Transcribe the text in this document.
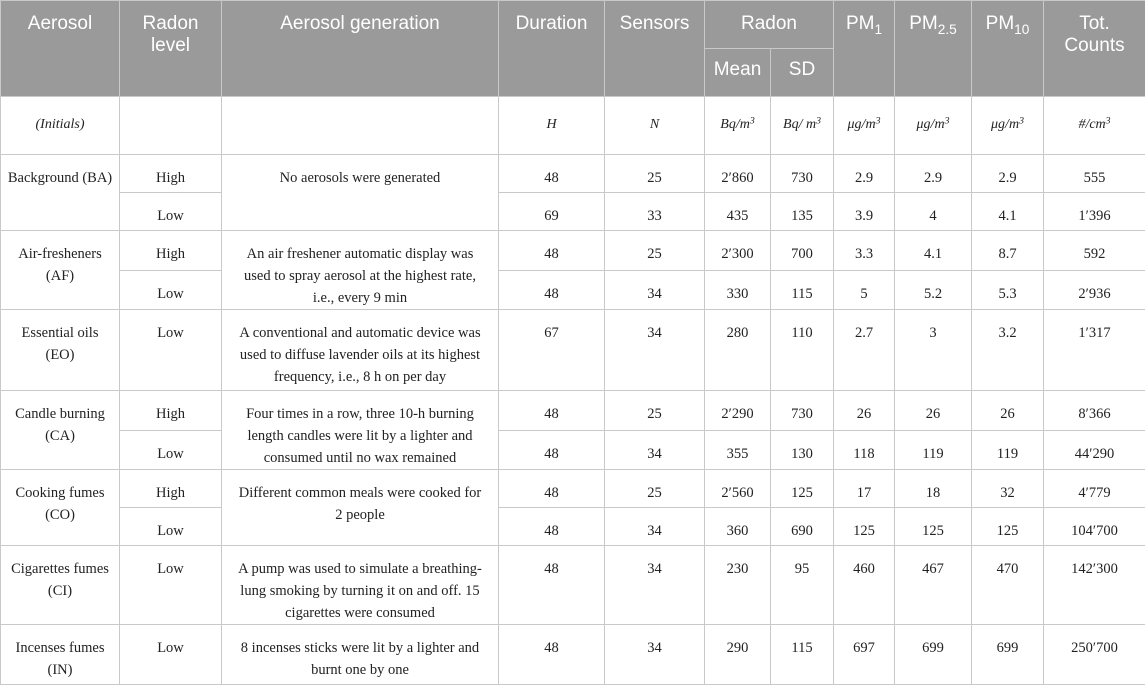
Aerosol	Radon level	Aerosol generation	Duration	Sensors	Radon		$PM_1$	$PM_{2.5}$	$PM_{10}$	Tot. Counts
					Mean	SD				
(Initials)			H	N	$Bq/m^3$	Bq/ $m^3$	$\mu g/m^3$	$\mu g/m^3$	$\mu g/m^3$	$\#/cm^3$
Background (BA)	High	No aerosols were generated	48	25	2′860	730	2.9	2.9	2.9	555
	Low		69	33	435	135	3.9	4	4.1	1′396
Air-fresheners (AF)	High	An air freshener automatic display was used to spray aerosol at the highest rate, i.e., every 9 min	48	25	2′300	700	3.3	4.1	8.7	592
	Low		48	34	330	115	5	5.2	5.3	2′936
Essential oils (EO)	Low	A conventional and automatic device was used to diffuse lavender oils at its highest frequency, i.e., 8 h on per day	67	34	280	110	2.7	3	3.2	1′317
Candle burning (CA)	High	Four times in a row, three 10-h burning length candles were lit by a lighter and consumed until no wax remained	48	25	2′290	730	26	26	26	8′366
	Low		48	34	355	130	118	119	119	44′290
Cooking fumes (CO)	High	Different common meals were cooked for 2 people	48	25	2′560	125	17	18	32	4′779
	Low		48	34	360	690	125	125	125	104′700
Cigarettes fumes (CI)	Low	A pump was used to simulate a breathing-lung smoking by turning it on and off. 15 cigarettes were consumed	48	34	230	95	460	467	470	142′300
Incenses fumes (IN)	Low	8 incenses sticks were lit by a lighter and burnt one by one	48	34	290	115	697	699	699	250′700
